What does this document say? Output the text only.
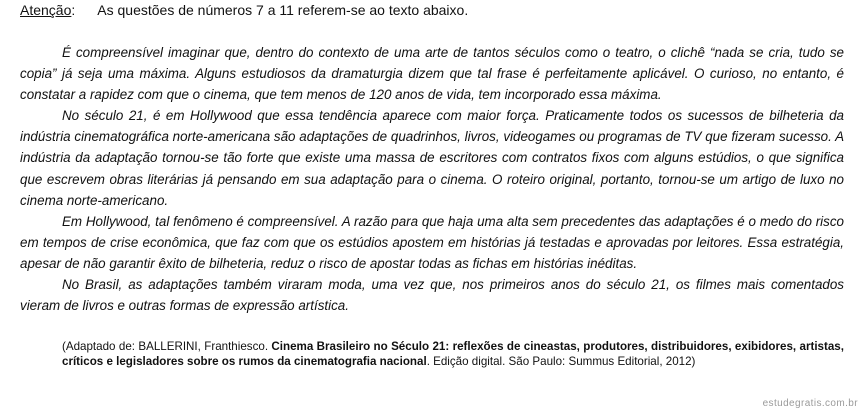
Atenção: As questões de números 7 a 11 referem-se ao texto abaixo.

É compreensível imaginar que, dentro do contexto de uma arte de tantos séculos como o teatro, o clichê “nada se cria, tudo se copia” já seja uma máxima. Alguns estudiosos da dramaturgia dizem que tal frase é perfeitamente aplicável. O curioso, no entanto, é constatar a rapidez com que o cinema, que tem menos de 120 anos de vida, tem incorporado essa máxima.

No século 21, é em Hollywood que essa tendência aparece com maior força. Praticamente todos os sucessos de bilheteria da indústria cinematográfica norte-americana são adaptações de quadrinhos, livros, videogames ou programas de TV que fizeram sucesso. A indústria da adaptação tornou-se tão forte que existe uma massa de escritores com contratos fixos com alguns estúdios, o que significa que escrevem obras literárias já pensando em sua adaptação para o cinema. O roteiro original, portanto, tornou-se um artigo de luxo no cinema norte-americano.

Em Hollywood, tal fenômeno é compreensível. A razão para que haja uma alta sem precedentes das adaptações é o medo do risco em tempos de crise econômica, que faz com que os estúdios apostem em histórias já testadas e aprovadas por leitores. Essa estratégia, apesar de não garantir êxito de bilheteria, reduz o risco de apostar todas as fichas em histórias inéditas.

No Brasil, as adaptações também viraram moda, uma vez que, nos primeiros anos do século 21, os filmes mais comentados vieram de livros e outras formas de expressão artística.

(Adaptado de: BALLERINI, Franthiesco. Cinema Brasileiro no Século 21: reflexões de cineastas, produtores, distribuidores, exibidores, artistas, críticos e legisladores sobre os rumos da cinematografia nacional. Edição digital. São Paulo: Summus Editorial, 2012)
estudegratis.com.br
